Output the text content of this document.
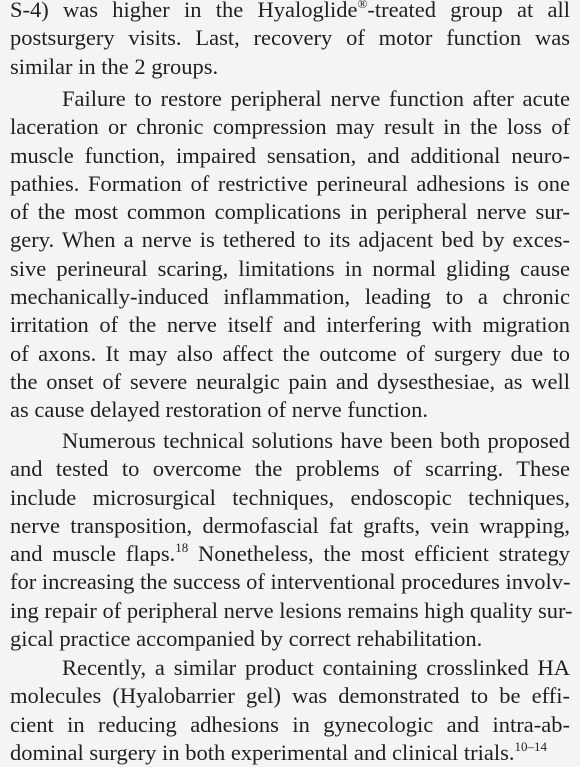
S-4) was higher in the Hyaloglide®-treated group at all
postsurgery visits. Last, recovery of motor function was
similar in the 2 groups.

Failure to restore peripheral nerve function after acute
laceration or chronic compression may result in the loss of
muscle function, impaired sensation, and additional neuro-
pathies. Formation of restrictive perineural adhesions is one
of the most common complications in peripheral nerve sur-
gery. When a nerve is tethered to its adjacent bed by exces-
sive perineural scaring, limitations in normal gliding cause
mechanically-induced inflammation, leading to a chronic
irritation of the nerve itself and interfering with migration
of axons. It may also affect the outcome of surgery due to
the onset of severe neuralgic pain and dysesthesiae, as well
as cause delayed restoration of nerve function.

Numerous technical solutions have been both proposed
and tested to overcome the problems of scarring. These
include microsurgical techniques, endoscopic techniques,
nerve transposition, dermofascial fat grafts, vein wrapping,
and muscle flaps.$^{18}$ Nonetheless, the most efficient strategy
for increasing the success of interventional procedures involv-
ing repair of peripheral nerve lesions remains high quality sur-
gical practice accompanied by correct rehabilitation.

Recently, a similar product containing crosslinked HA
molecules (Hyalobarrier gel) was demonstrated to be effi-
cient in reducing adhesions in gynecologic and intra-ab-
dominal surgery in both experimental and clinical trials.$^{10-14}$
